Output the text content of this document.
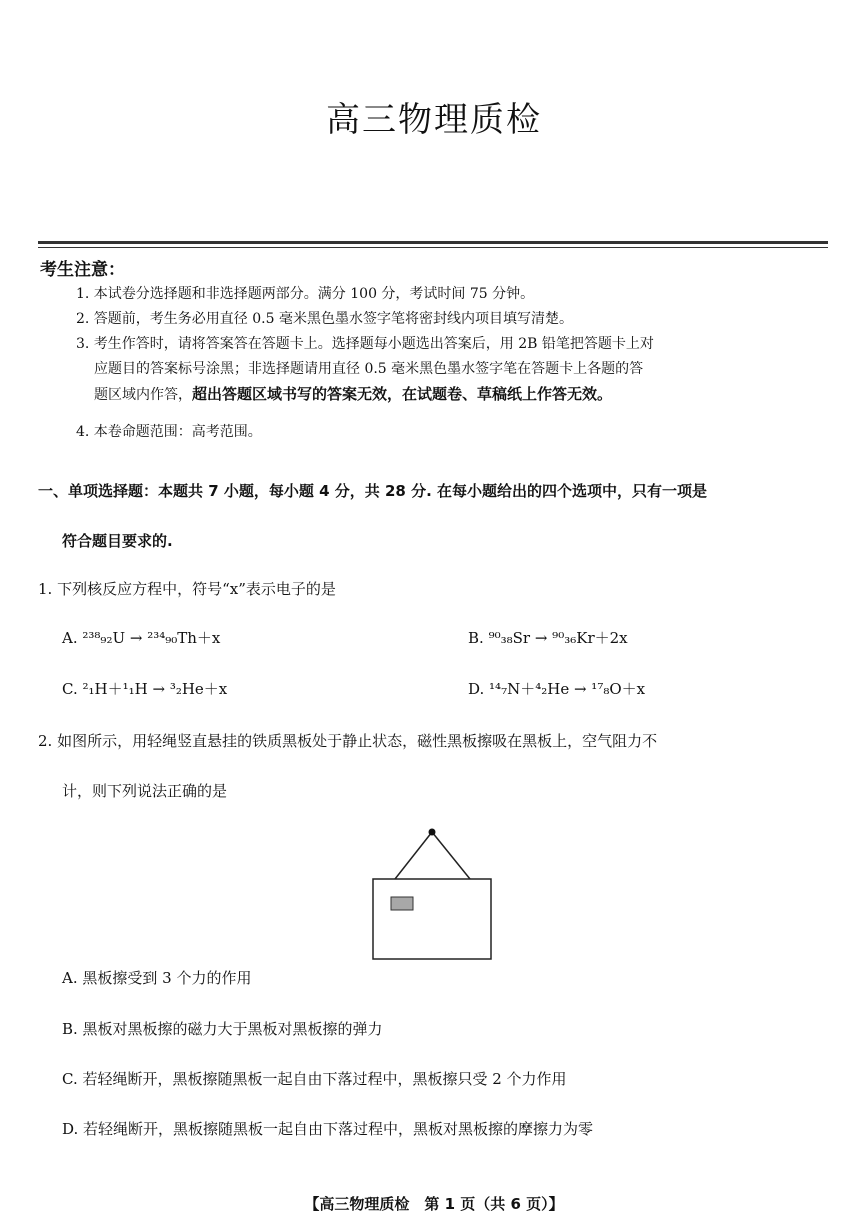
高三物理质检
考生注意：
1. 本试卷分选择题和非选择题两部分。满分 100 分，考试时间 75 分钟。
2. 答题前，考生务必用直径 0.5 毫米黑色墨水签字笔将密封线内项目填写清楚。
3. 考生作答时，请将答案答在答题卡上。选择题每小题选出答案后，用 2B 铅笔把答题卡上对
应题目的答案标号涂黑；非选择题请用直径 0.5 毫米黑色墨水签字笔在答题卡上各题的答
题区域内作答，超出答题区域书写的答案无效，在试题卷、草稿纸上作答无效。
4. 本卷命题范围：高考范围。
一、单项选择题：本题共 7 小题，每小题 4 分，共 28 分. 在每小题给出的四个选项中，只有一项是
符合题目要求的.
1. 下列核反应方程中，符号“x”表示电子的是
A. ²³⁸₉₂U → ²³⁴₉₀Th＋x	B. ⁹⁰₃₈Sr → ⁹⁰₃₆Kr＋2x
C. ²₁H＋¹₁H → ³₂He＋x	D. ¹⁴₇N＋⁴₂He → ¹⁷₈O＋x
2. 如图所示，用轻绳竖直悬挂的铁质黑板处于静止状态，磁性黑板擦吸在黑板上，空气阻力不
计，则下列说法正确的是
A. 黑板擦受到 3 个力的作用
B. 黑板对黑板擦的磁力大于黑板对黑板擦的弹力
C. 若轻绳断开，黑板擦随黑板一起自由下落过程中，黑板擦只受 2 个力作用
D. 若轻绳断开，黑板擦随黑板一起自由下落过程中，黑板对黑板擦的摩擦力为零
【高三物理质检　第 1 页（共 6 页）】
